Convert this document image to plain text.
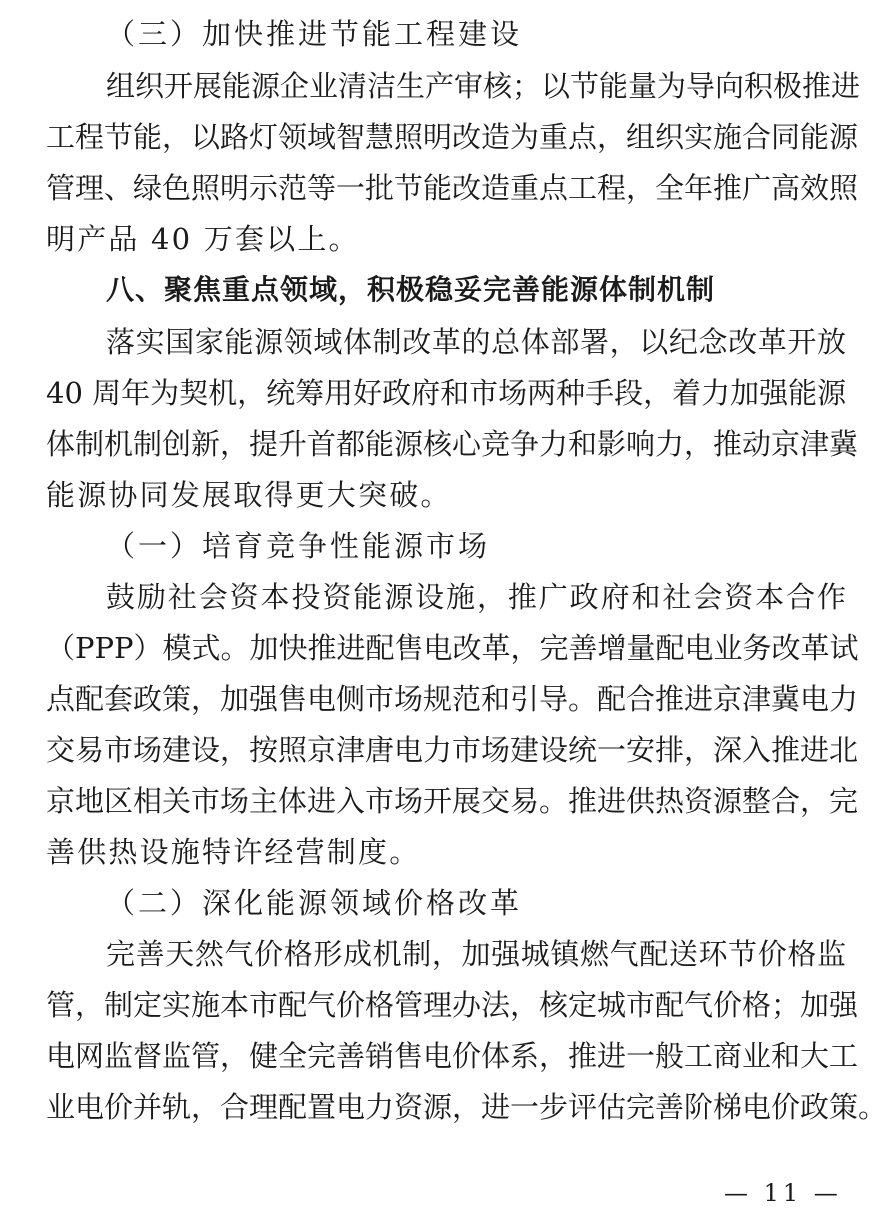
（三）加快推进节能工程建设
组织开展能源企业清洁生产审核；以节能量为导向积极推进
工程节能，以路灯领域智慧照明改造为重点，组织实施合同能源
管理、绿色照明示范等一批节能改造重点工程，全年推广高效照
明产品 40 万套以上。
八、聚焦重点领域，积极稳妥完善能源体制机制
落实国家能源领域体制改革的总体部署，以纪念改革开放
40 周年为契机，统筹用好政府和市场两种手段，着力加强能源
体制机制创新，提升首都能源核心竞争力和影响力，推动京津冀
能源协同发展取得更大突破。
（一）培育竞争性能源市场
鼓励社会资本投资能源设施，推广政府和社会资本合作
（PPP）模式。加快推进配售电改革，完善增量配电业务改革试
点配套政策，加强售电侧市场规范和引导。配合推进京津冀电力
交易市场建设，按照京津唐电力市场建设统一安排，深入推进北
京地区相关市场主体进入市场开展交易。推进供热资源整合，完
善供热设施特许经营制度。
（二）深化能源领域价格改革
完善天然气价格形成机制，加强城镇燃气配送环节价格监
管，制定实施本市配气价格管理办法，核定城市配气价格；加强
电网监督监管，健全完善销售电价体系，推进一般工商业和大工
业电价并轨，合理配置电力资源，进一步评估完善阶梯电价政策。
— 11 —
